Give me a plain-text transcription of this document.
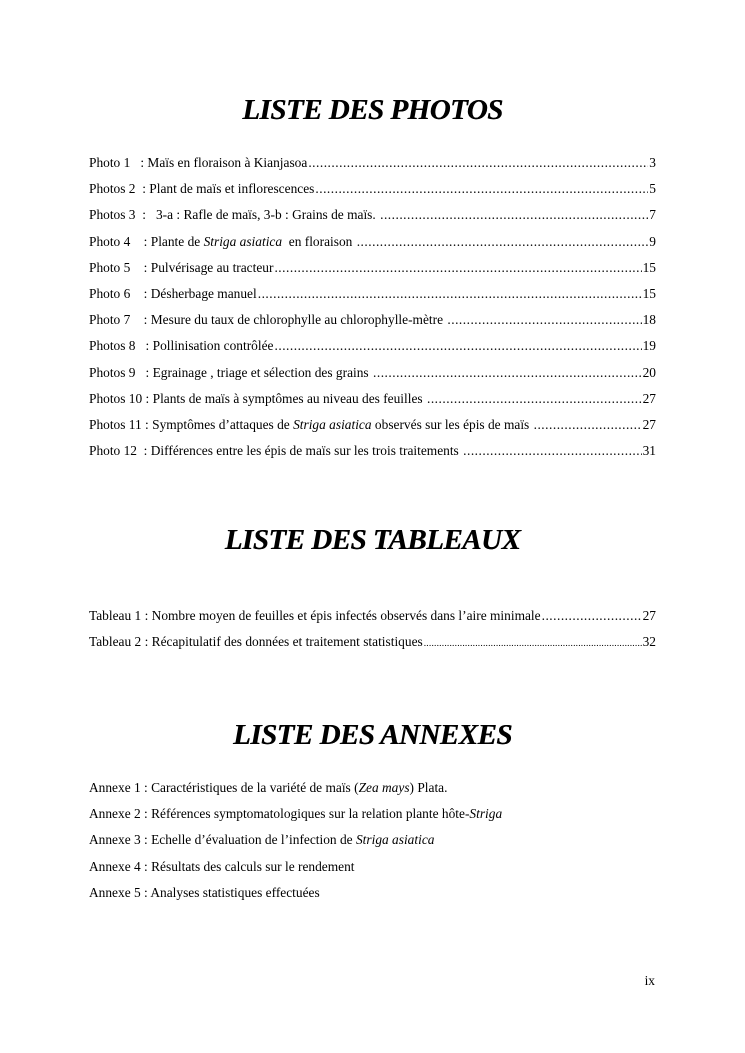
LISTE DES PHOTOS
Photo 1   : Maïs en floraison à Kianjasoa .....	3
Photos 2  : Plant de maïs et inflorescences .....	5
Photos 3  :   3-a : Rafle de maïs, 3-b : Grains de maïs. .....	7
Photo 4    : Plante de Striga asiatica  en floraison .....	9
Photo 5    : Pulvérisage au tracteur .....	15
Photo 6    : Désherbage manuel .....	15
Photo 7    : Mesure du taux de chlorophylle au chlorophylle-mètre .....	18
Photos 8   : Pollinisation contrôlée .....	19
Photos 9   : Egrainage , triage et sélection des grains .....	20
Photos 10 : Plants de maïs à symptômes au niveau des feuilles .....	27
Photos 11 : Symptômes d’attaques de Striga asiatica observés sur les épis de maïs .....	27
Photo 12  : Différences entre les épis de maïs sur les trois traitements .....	31
LISTE DES TABLEAUX
Tableau 1 : Nombre moyen de feuilles et épis infectés observés dans l’aire minimale .....	27
Tableau 2 : Récapitulatif des données et traitement statistiques .....	32
LISTE DES ANNEXES
Annexe 1 : Caractéristiques de la variété de maïs (Zea mays) Plata.
Annexe 2 : Références symptomatologiques sur la relation plante hôte-Striga
Annexe 3 : Echelle d’évaluation de l’infection de Striga asiatica
Annexe 4 : Résultats des calculs sur le rendement
Annexe 5 : Analyses statistiques effectuées
ix
